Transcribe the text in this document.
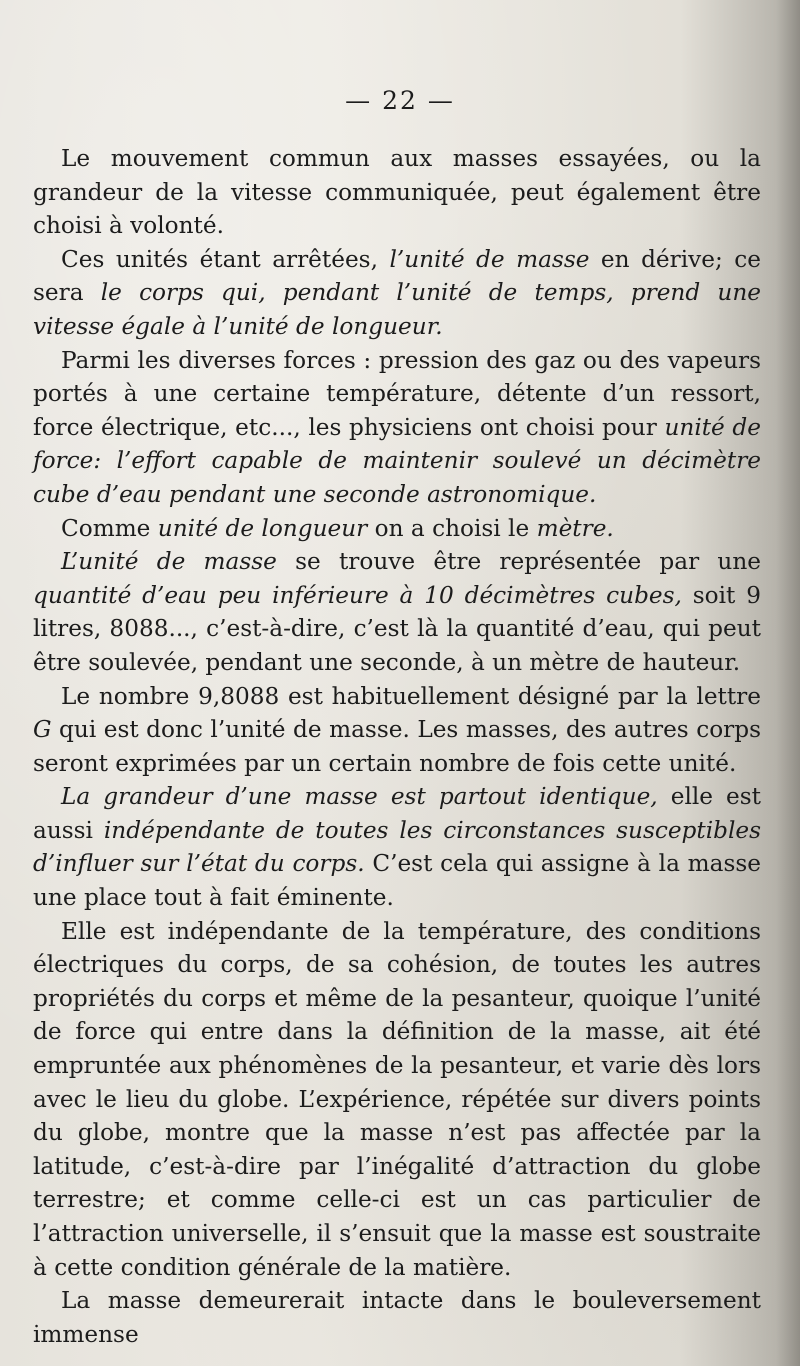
— 22 —

Le mouvement commun aux masses essayées, ou la grandeur de la vitesse communiquée, peut également être choisi à volonté.

Ces unités étant arrêtées, l’unité de masse en dérive; ce sera le corps qui, pendant l’unité de temps, prend une vitesse égale à l’unité de longueur.

Parmi les diverses forces : pression des gaz ou des vapeurs portés à une certaine température, détente d’un ressort, force électrique, etc..., les physiciens ont choisi pour unité de force: l’effort capable de maintenir soulevé un décimètre cube d’eau pendant une seconde astronomique.

Comme unité de longueur on a choisi le mètre.

L’unité de masse se trouve être représentée par une quantité d’eau peu inférieure à 10 décimètres cubes, soit 9 litres, 8088..., c’est-à-dire, c’est là la quantité d’eau, qui peut être soulevée, pendant une seconde, à un mètre de hauteur.

Le nombre 9,8088 est habituellement désigné par la lettre G qui est donc l’unité de masse. Les masses, des autres corps seront exprimées par un certain nombre de fois cette unité.

La grandeur d’une masse est partout identique, elle est aussi indépendante de toutes les circonstances susceptibles d’influer sur l’état du corps. C’est cela qui assigne à la masse une place tout à fait éminente.

Elle est indépendante de la température, des conditions électriques du corps, de sa cohésion, de toutes les autres propriétés du corps et même de la pesanteur, quoique l’unité de force qui entre dans la définition de la masse, ait été empruntée aux phénomènes de la pesanteur, et varie dès lors avec le lieu du globe. L’expérience, répétée sur divers points du globe, montre que la masse n’est pas affectée par la latitude, c’est-à-dire par l’inégalité d’attraction du globe terrestre; et comme celle-ci est un cas particulier de l’attraction universelle, il s’ensuit que la masse est soustraite à cette condition générale de la matière.

La masse demeurerait intacte dans le bouleversement immense
